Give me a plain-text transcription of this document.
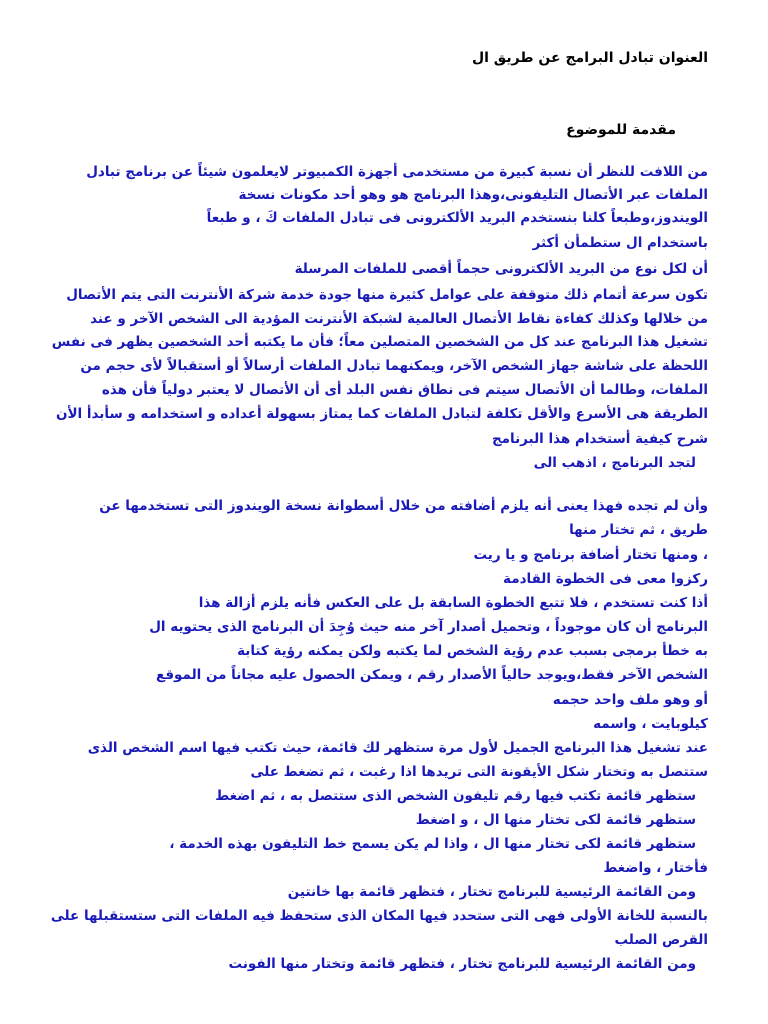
العنوان تبادل البرامج عن طريق ال
مقدمة للموضوع
من اللافت للنظر أن نسبة كبيرة من مستخدمى أجهزة الكمبيوتر لايعلمون شيئاً عن برنامج تبادل
الملفات عبر الأتصال التليفونى،وهذا البرنامج هو وهو أحد مكونات نسخة
الويندوز،وطبعاً كلنا بنستخدم البريد الألكترونى فى تبادل الملفات كَ ، و طبعاً
باستخدام ال ستطمأن أكثر
أن لكل نوع من البريد الألكترونى حجماً أقصى للملفات المرسلة
تكون سرعة أتمام ذلك متوقفة على عوامل كثيرة منها جودة خدمة شركة الأنترنت التى يتم الأتصال
من خلالها وكذلك كفاءة نقاط الأتصال العالمية لشبكة الأنترنت المؤدية الى الشخص الآخر و عند
تشغيل هذا البرنامج عند كل من الشخصين المتصلين معاً؛ فأن ما يكتبه أحد الشخصين يظهر فى نفس
اللحظة على شاشة جهاز الشخص الآخر، ويمكنهما تبادل الملفات أرسالاً أو أستقبالاً لأى حجم من
الملفات، وطالما أن الأتصال سيتم فى نطاق نفس البلد أى أن الأتصال لا يعتبر دولياً فأن هذه
الطريقة هى الأسرع والأقل تكلفة لتبادل الملفات كما يمتاز بسهولة أعداده و استخدامه و سأبدأ الأن
شرح كيفية أستخدام هذا البرنامج
لتجد البرنامج ، اذهب الى
وأن لم تجده فهذا يعنى أنه يلزم أضافته من خلال أسطوانة نسخة الويندوز التى تستخدمها عن
طريق ، ثم تختار منها
، ومنها تختار أضافة برنامج و يا ريت
ركزوا معى فى الخطوة القادمة
أذا كنت تستخدم ، فلا تتبع الخطوة السابقة بل على العكس فأنه يلزم أزالة هذا
البرنامج أن كان موجوداً ، وتحميل أصدار آخر منه حيث وُجِدَ أن البرنامج الذى يحتويه ال
به خطأ برمجى بسبب عدم رؤية الشخص لما يكتبه ولكن يمكنه رؤية كتابة
الشخص الآخر فقط،ويوجد حالياً الأصدار رقم ، ويمكن الحصول عليه مجاناً من الموقع
أو وهو ملف واحد حجمه
كيلوبايت ، واسمه
عند تشغيل هذا البرنامج الجميل لأول مرة ستظهر لك قائمة، حيث تكتب فيها اسم الشخص الذى
ستتصل به وتختار شكل الأيقونة التى تريدها اذا رغبت ، ثم تضغط على
ستظهر قائمة تكتب فيها رقم تليفون الشخص الذى ستتصل به ، ثم اضغط
ستظهر قائمة لكى تختار منها ال ، و اضغط
ستظهر قائمة لكى تختار منها ال ، واذا لم يكن يسمح خط التليفون بهذه الخدمة ،
فأختار ، واضغط
ومن القائمة الرئيسية للبرنامج تختار ، فتظهر قائمة بها خانتين
بالنسبة للخانة الأولى فهى التى ستحدد فيها المكان الذى ستحفظ فيه الملفات التى ستستقبلها على
القرص الصلب
ومن القائمة الرئيسية للبرنامج تختار ، فتظهر قائمة وتختار منها الفونت
